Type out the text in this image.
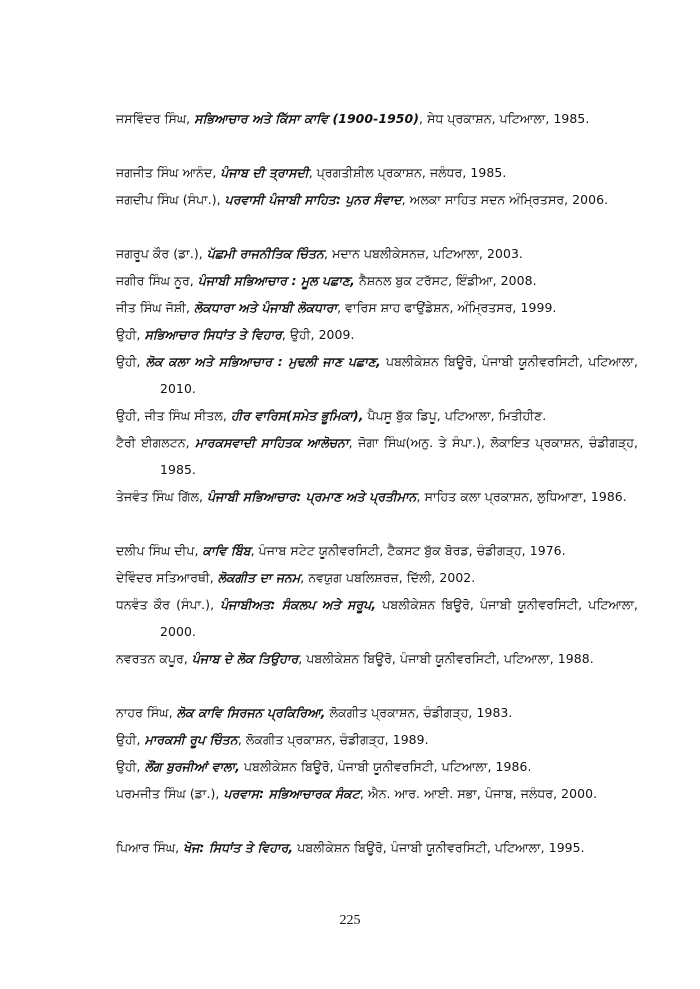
ਜਸਵਿੰਦਰ ਸਿੰਘ, ਸਭਿਆਚਾਰ ਅਤੇ ਕਿੱਸਾ ਕਾਵਿ (1900-1950), ਸੇਧ ਪ੍ਰਕਾਸ਼ਨ, ਪਟਿਆਲਾ, 1985.

ਜਗਜੀਤ ਸਿੰਘ ਆਨੰਦ, ਪੰਜਾਬ ਦੀ ਤ੍ਰਾਸਦੀ, ਪ੍ਰਗਤੀਸ਼ੀਲ ਪ੍ਰਕਾਸ਼ਨ, ਜਲੰਧਰ, 1985.

ਜਗਦੀਪ ਸਿੰਘ (ਸੰਪਾ.), ਪਰਵਾਸੀ ਪੰਜਾਬੀ ਸਾਹਿਤ: ਪੁਨਰ ਸੰਵਾਦ, ਅਲਕਾ ਸਾਹਿਤ ਸਦਨ ਅੰਮ੍ਰਿਤਸਰ, 2006.

ਜਗਰੂਪ ਕੌਰ (ਡਾ.), ਪੱਛਮੀ ਰਾਜਨੀਤਿਕ ਚਿੰਤਨ, ਮਦਾਨ ਪਬਲੀਕੇਸਨਜ਼, ਪਟਿਆਲਾ, 2003.

ਜਗੀਰ ਸਿੰਘ ਨੂਰ, ਪੰਜਾਬੀ ਸਭਿਆਚਾਰ : ਮੂਲ ਪਛਾਣ, ਨੈਸ਼ਨਲ ਬੁਕ ਟਰੱਸਟ, ਇੰਡੀਆ, 2008.

ਜੀਤ ਸਿੰਘ ਜੋਸ਼ੀ, ਲੋਕਧਾਰਾ ਅਤੇ ਪੰਜਾਬੀ ਲੋਕਧਾਰਾ, ਵਾਰਿਸ ਸ਼ਾਹ ਫਾਉਂਡੇਸ਼ਨ, ਅੰਮ੍ਰਿਤਸਰ, 1999.

ਉਹੀ, ਸਭਿਆਚਾਰ ਸਿਧਾਂਤ ਤੇ ਵਿਹਾਰ, ਉਹੀ, 2009.

ਉਹੀ, ਲੋਕ ਕਲਾ ਅਤੇ ਸਭਿਆਚਾਰ : ਮੁਢਲੀ ਜਾਣ ਪਛਾਣ, ਪਬਲੀਕੇਸ਼ਨ ਬਿਊਰੋ, ਪੰਜਾਬੀ ਯੂਨੀਵਰਸਿਟੀ, ਪਟਿਆਲਾ, 2010.

ਉਹੀ, ਜੀਤ ਸਿੰਘ ਸੀਤਲ, ਹੀਰ ਵਾਰਿਸ(ਸਮੇਤ ਭੂਮਿਕਾ), ਪੈਪਸੂ ਬੁੱਕ ਡਿਪੂ, ਪਟਿਆਲਾ, ਮਿਤੀਹੀਣ.

ਟੈਰੀ ਈਗਲਟਨ, ਮਾਰਕਸਵਾਦੀ ਸਾਹਿਤਕ ਆਲੋਚਨਾ, ਜੋਗਾ ਸਿੰਘ(ਅਨੁ. ਤੇ ਸੰਪਾ.), ਲੋਕਾਇਤ ਪ੍ਰਕਾਸ਼ਨ, ਚੰਡੀਗੜ੍ਹ, 1985.

ਤੇਜਵੰਤ ਸਿੰਘ ਗਿੱਲ, ਪੰਜਾਬੀ ਸਭਿਆਚਾਰ: ਪ੍ਰਮਾਣ ਅਤੇ ਪ੍ਰਤੀਮਾਨ, ਸਾਹਿਤ ਕਲਾ ਪ੍ਰਕਾਸ਼ਨ, ਲੁਧਿਆਣਾ, 1986.

ਦਲੀਪ ਸਿੰਘ ਦੀਪ, ਕਾਵਿ ਬਿੰਬ, ਪੰਜਾਬ ਸਟੇਟ ਯੂਨੀਵਰਸਿਟੀ, ਟੈਕਸਟ ਬੁੱਕ ਬੋਰਡ, ਚੰਡੀਗੜ੍ਹ, 1976.

ਦੇਵਿੰਦਰ ਸਤਿਆਰਥੀ, ਲੋਕਗੀਤ ਦਾ ਜਨਮ, ਨਵਯੁਗ ਪਬਲਿਸ਼ਰਜ਼, ਦਿੱਲੀ, 2002.

ਧਨਵੰਤ ਕੌਰ (ਸੰਪਾ.), ਪੰਜਾਬੀਅਤ: ਸੰਕਲਪ ਅਤੇ ਸਰੂਪ, ਪਬਲੀਕੇਸ਼ਨ ਬਿਊਰੋ, ਪੰਜਾਬੀ ਯੂਨੀਵਰਸਿਟੀ, ਪਟਿਆਲਾ, 2000.

ਨਵਰਤਨ ਕਪੂਰ, ਪੰਜਾਬ ਦੇ ਲੋਕ ਤਿਉਹਾਰ, ਪਬਲੀਕੇਸ਼ਨ ਬਿਊਰੋ, ਪੰਜਾਬੀ ਯੂਨੀਵਰਸਿਟੀ, ਪਟਿਆਲਾ, 1988.

ਨਾਹਰ ਸਿੰਘ, ਲੋਕ ਕਾਵਿ ਸਿਰਜਨ ਪ੍ਰਕਿਰਿਆ, ਲੋਕਗੀਤ ਪ੍ਰਕਾਸ਼ਨ, ਚੰਡੀਗੜ੍ਹ, 1983.

ਉਹੀ, ਮਾਰਕਸੀ ਰੂਪ ਚਿੰਤਨ, ਲੋਕਗੀਤ ਪ੍ਰਕਾਸ਼ਨ, ਚੰਡੀਗੜ੍ਹ, 1989.

ਉਹੀ, ਲੌਂਗ ਬੁਰਜੀਆਂ ਵਾਲਾ, ਪਬਲੀਕੇਸ਼ਨ ਬਿਊਰੋ, ਪੰਜਾਬੀ ਯੂਨੀਵਰਸਿਟੀ, ਪਟਿਆਲਾ, 1986.

ਪਰਮਜੀਤ ਸਿੰਘ (ਡਾ.), ਪਰਵਾਸ: ਸਭਿਆਚਾਰਕ ਸੰਕਟ, ਐਨ. ਆਰ. ਆਈ. ਸਭਾ, ਪੰਜਾਬ, ਜਲੰਧਰ, 2000.

ਪਿਆਰ ਸਿੰਘ, ਖੋਜ: ਸਿਧਾਂਤ ਤੇ ਵਿਹਾਰ, ਪਬਲੀਕੇਸ਼ਨ ਬਿਊਰੋ, ਪੰਜਾਬੀ ਯੂਨੀਵਰਸਿਟੀ, ਪਟਿਆਲਾ, 1995.

225
